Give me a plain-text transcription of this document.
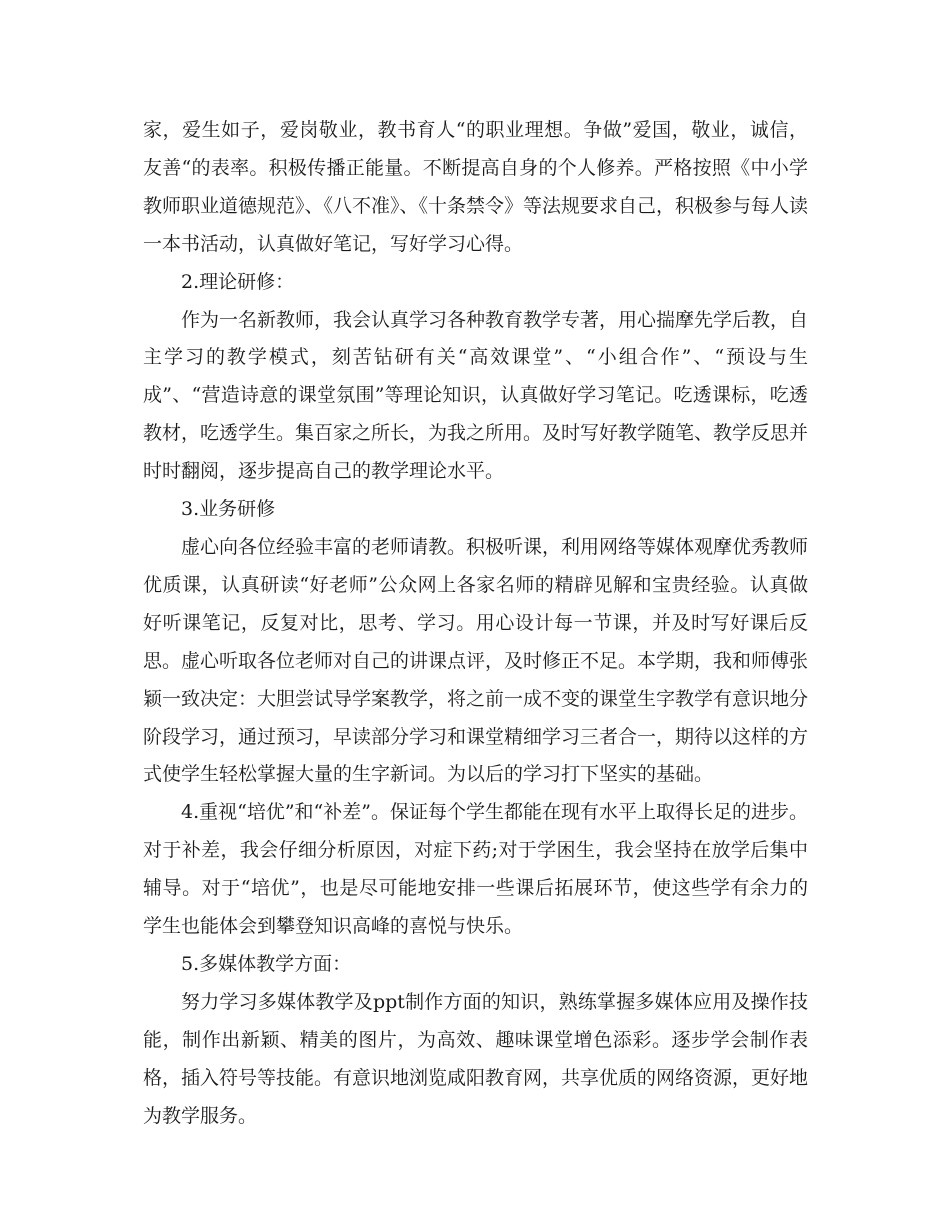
家，爱生如子，爱岗敬业，教书育人“的职业理想。争做”爱国，敬业，诚信，友善“的表率。积极传播正能量。不断提高自身的个人修养。严格按照《中小学教师职业道德规范》、《八不准》、《十条禁令》等法规要求自己，积极参与每人读一本书活动，认真做好笔记，写好学习心得。

2.理论研修：

作为一名新教师，我会认真学习各种教育教学专著，用心揣摩先学后教，自主学习的教学模式，刻苦钻研有关“高效课堂”、“小组合作”、“预设与生成”、“营造诗意的课堂氛围”等理论知识，认真做好学习笔记。吃透课标，吃透教材，吃透学生。集百家之所长，为我之所用。及时写好教学随笔、教学反思并时时翻阅，逐步提高自己的教学理论水平。

3.业务研修

虚心向各位经验丰富的老师请教。积极听课，利用网络等媒体观摩优秀教师优质课，认真研读“好老师”公众网上各家名师的精辟见解和宝贵经验。认真做好听课笔记，反复对比，思考、学习。用心设计每一节课，并及时写好课后反思。虚心听取各位老师对自己的讲课点评，及时修正不足。本学期，我和师傅张颖一致决定：大胆尝试导学案教学，将之前一成不变的课堂生字教学有意识地分阶段学习，通过预习，早读部分学习和课堂精细学习三者合一，期待以这样的方式使学生轻松掌握大量的生字新词。为以后的学习打下坚实的基础。

4.重视“培优”和“补差”。保证每个学生都能在现有水平上取得长足的进步。对于补差，我会仔细分析原因，对症下药;对于学困生，我会坚持在放学后集中辅导。对于“培优”，也是尽可能地安排一些课后拓展环节，使这些学有余力的学生也能体会到攀登知识高峰的喜悦与快乐。

5.多媒体教学方面：

努力学习多媒体教学及ppt制作方面的知识，熟练掌握多媒体应用及操作技能，制作出新颖、精美的图片，为高效、趣味课堂增色添彩。逐步学会制作表格，插入符号等技能。有意识地浏览咸阳教育网，共享优质的网络资源，更好地为教学服务。
